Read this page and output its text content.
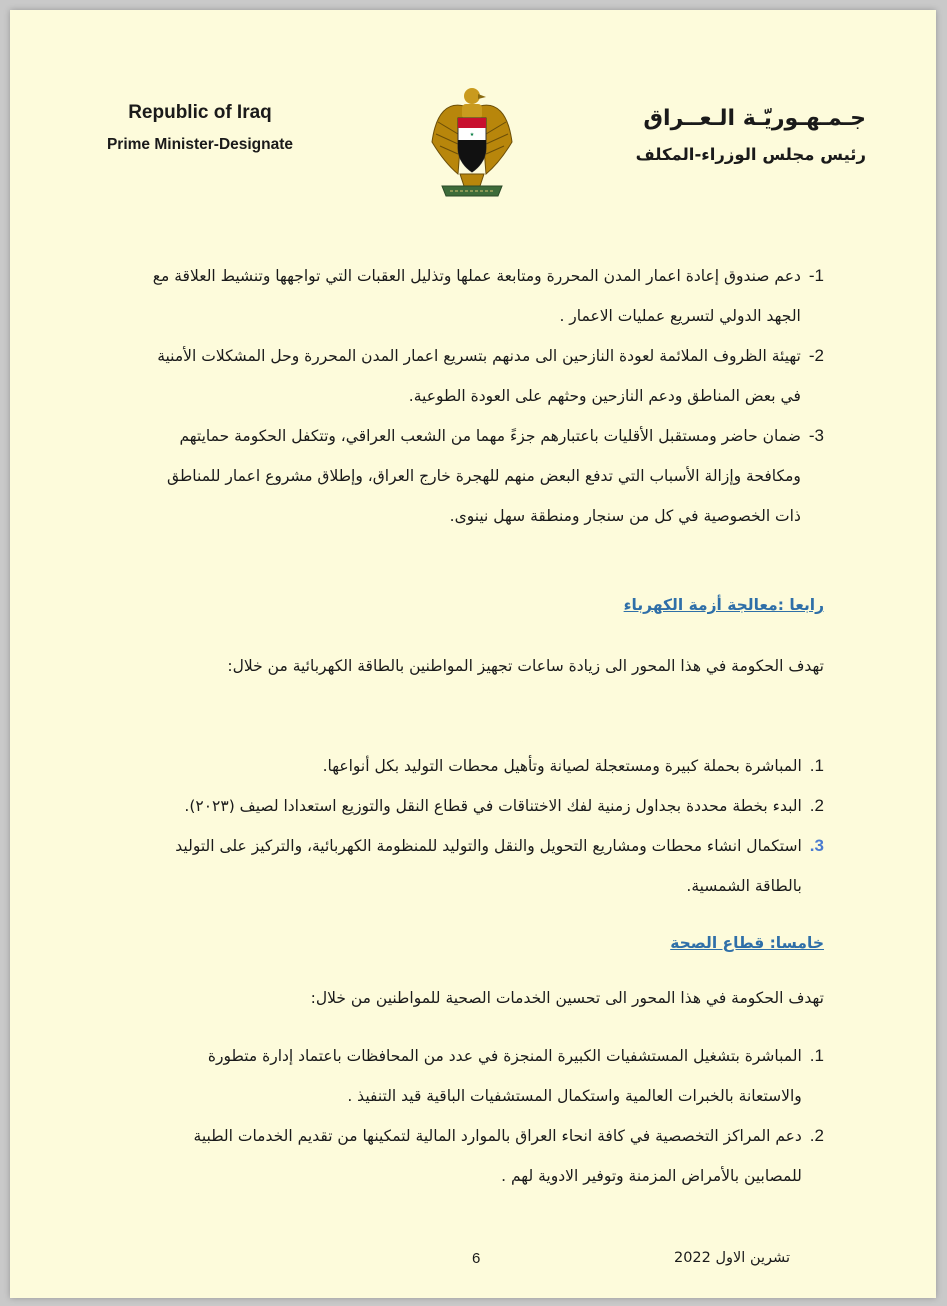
Republic of Iraq
Prime Minister-Designate
★
جـمـهـوريّـة الـعــراق
رئيس مجلس الوزراء-المكلف
1-
دعم صندوق إعادة اعمار المدن المحررة ومتابعة عملها وتذليل العقبات التي تواجهها وتنشيط العلاقة مع الجهد الدولي لتسريع عمليات الاعمار .
2-
تهيئة الظروف الملائمة لعودة النازحين الى مدنهم بتسريع اعمار المدن المحررة وحل المشكلات الأمنية في بعض المناطق ودعم النازحين وحثهم على العودة الطوعية.
3-
ضمان حاضر ومستقبل الأقليات باعتبارهم جزءً مهما من الشعب العراقي، وتتكفل الحكومة حمايتهم ومكافحة وإزالة الأسباب التي تدفع البعض منهم للهجرة خارج العراق، وإطلاق مشروع اعمار للمناطق ذات الخصوصية في كل من سنجار ومنطقة سهل نينوى.
رابعا :معالجة أزمة الكهرباء

تهدف الحكومة في هذا المحور الى زيادة ساعات تجهيز المواطنين بالطاقة الكهربائية من خلال:

1.
المباشرة بحملة كبيرة ومستعجلة لصيانة وتأهيل محطات التوليد بكل أنواعها.
2.
البدء بخطة محددة بجداول زمنية لفك الاختناقات في قطاع النقل والتوزيع استعدادا لصيف (٢٠٢٣).
3.
استكمال انشاء محطات ومشاريع التحويل والنقل والتوليد للمنظومة الكهربائية، والتركيز على التوليد بالطاقة الشمسية.
خامسا: قطاع الصحة

تهدف الحكومة في هذا المحور الى تحسين الخدمات الصحية للمواطنين من خلال:

1.
المباشرة بتشغيل المستشفيات الكبيرة المنجزة في عدد من المحافظات باعتماد إدارة متطورة والاستعانة بالخبرات العالمية واستكمال المستشفيات الباقية قيد التنفيذ .
2.
دعم المراكز التخصصية في كافة انحاء العراق بالموارد المالية لتمكينها من تقديم الخدمات الطبية للمصابين بالأمراض المزمنة وتوفير الادوية لهم .
6	تشرين الاول 2022
